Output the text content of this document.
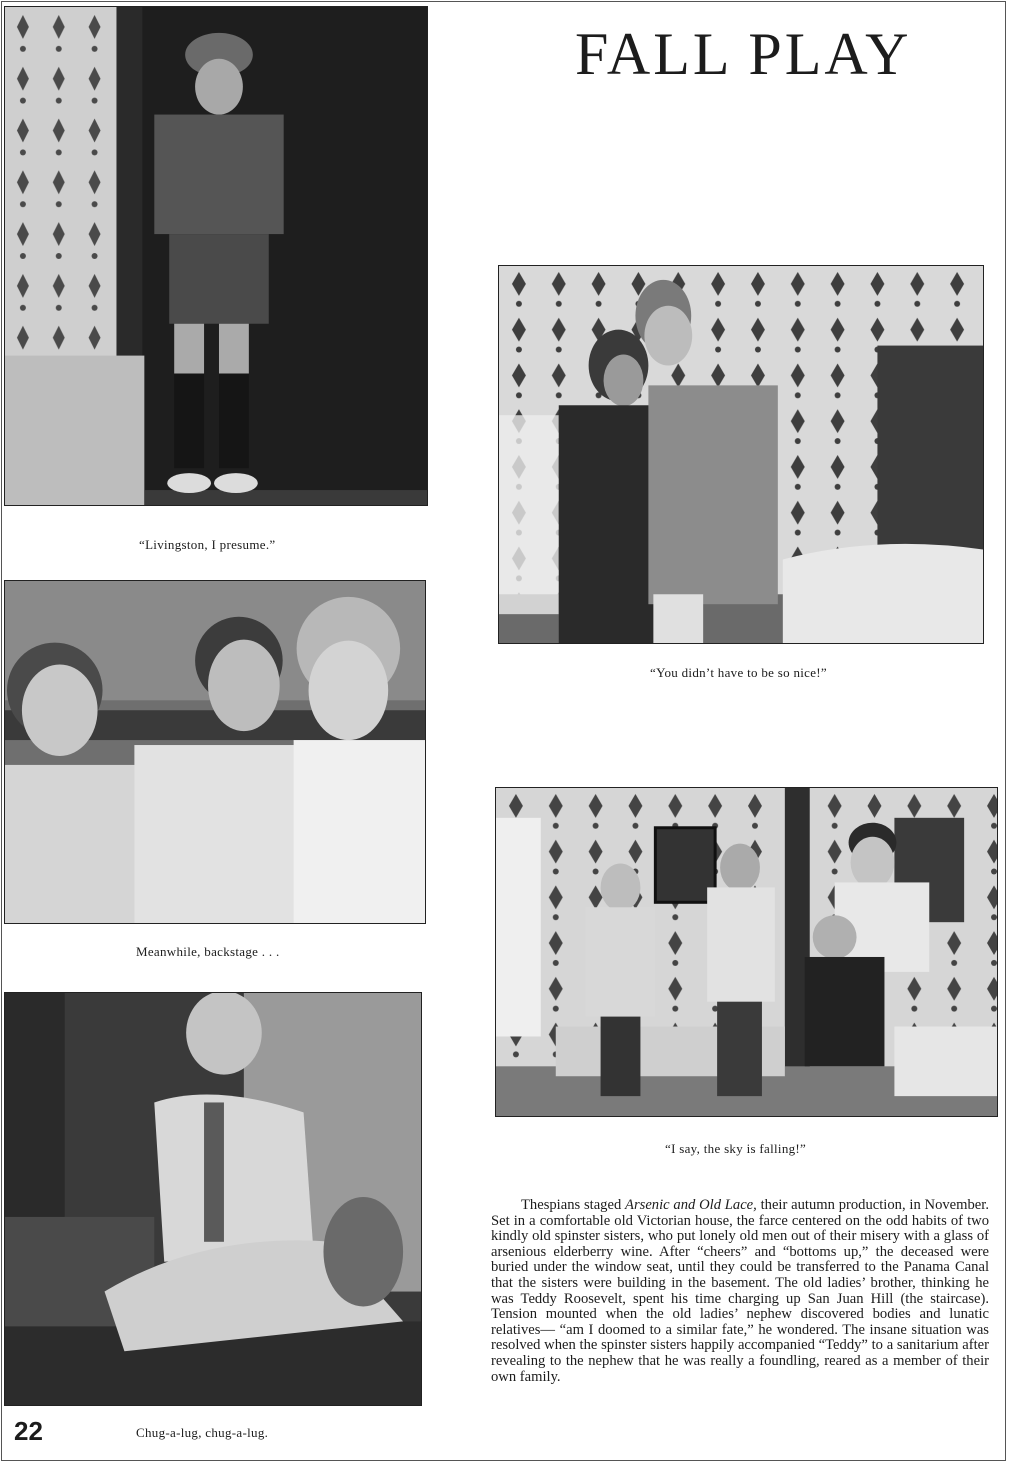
“Livingston, I presume.”
Meanwhile, backstage . . .
Chug-a-lug, chug-a-lug.
FALL PLAY
“You didn’t have to be so nice!”
“I say, the sky is falling!”

Thespians staged Arsenic and Old Lace, their autumn production, in November. Set in a comfortable old Victorian house, the farce centered on the odd habits of two kindly old spinster sisters, who put lonely old men out of their misery with a glass of arsenious elderberry wine. After “cheers” and “bottoms up,” the deceased were buried under the window seat, until they could be transferred to the Panama Canal that the sisters were building in the basement. The old ladies’ brother, thinking he was Teddy Roosevelt, spent his time charging up San Juan Hill (the staircase). Tension mounted when the old ladies’ nephew discovered bodies and lunatic relatives— “am I doomed to a similar fate,” he wondered. The insane situation was resolved when the spinster sisters happily accompanied “Teddy” to a sanitarium after revealing to the nephew that he was really a foundling, reared as a member of their own family.

22
